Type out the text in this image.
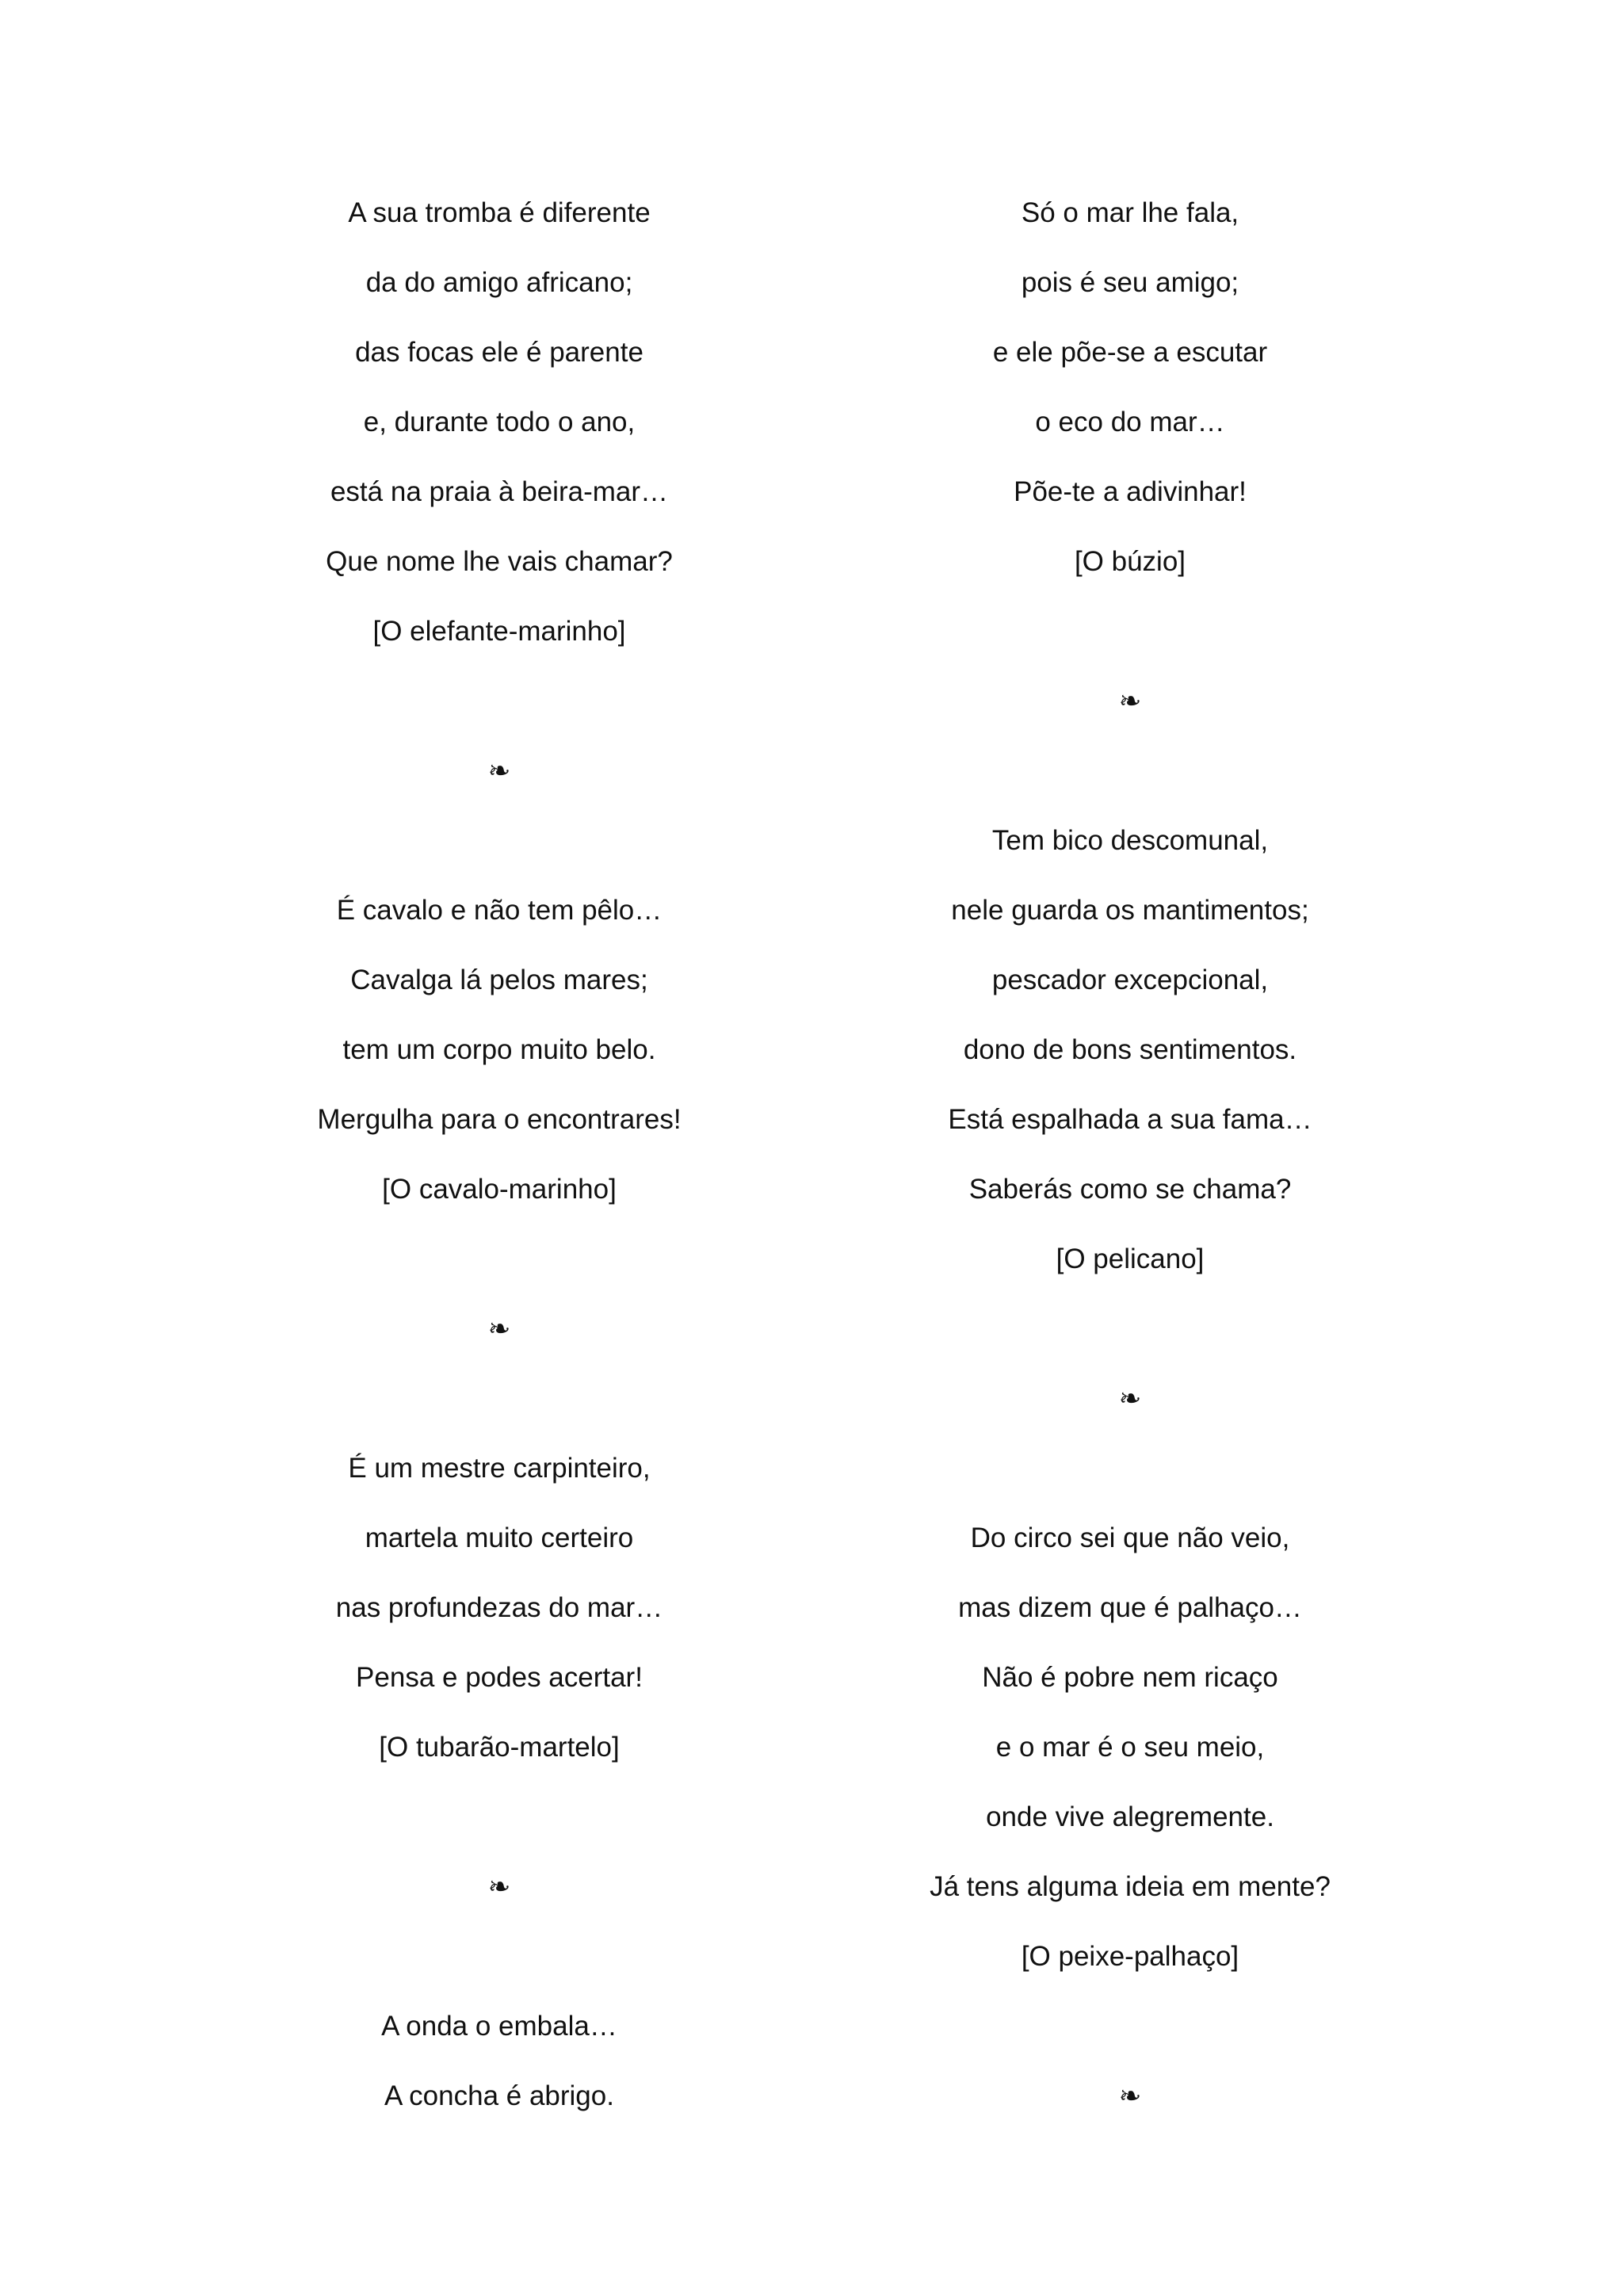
A sua tromba é diferente
da do amigo africano;
das focas ele é parente
e, durante todo o ano,
está na praia à beira-mar…
Que nome lhe vais chamar?
[O elefante-marinho]
❧
É cavalo e não tem pêlo…
Cavalga lá pelos mares;
tem um corpo muito belo.
Mergulha para o encontrares!
[O cavalo-marinho]
❧
É um mestre carpinteiro,
martela muito certeiro
nas profundezas do mar…
Pensa e podes acertar!
[O tubarão-martelo]
❧
A onda o embala…
A concha é abrigo.
Só o mar lhe fala,
pois é seu amigo;
e ele põe-se a escutar
o eco do mar…
Põe-te a adivinhar!
[O búzio]
❧
Tem bico descomunal,
nele guarda os mantimentos;
pescador excepcional,
dono de bons sentimentos.
Está espalhada a sua fama…
Saberás como se chama?
[O pelicano]
❧
Do circo sei que não veio,
mas dizem que é palhaço…
Não é pobre nem ricaço
e o mar é o seu meio,
onde vive alegremente.
Já tens alguma ideia em mente?
[O peixe-palhaço]
❧
